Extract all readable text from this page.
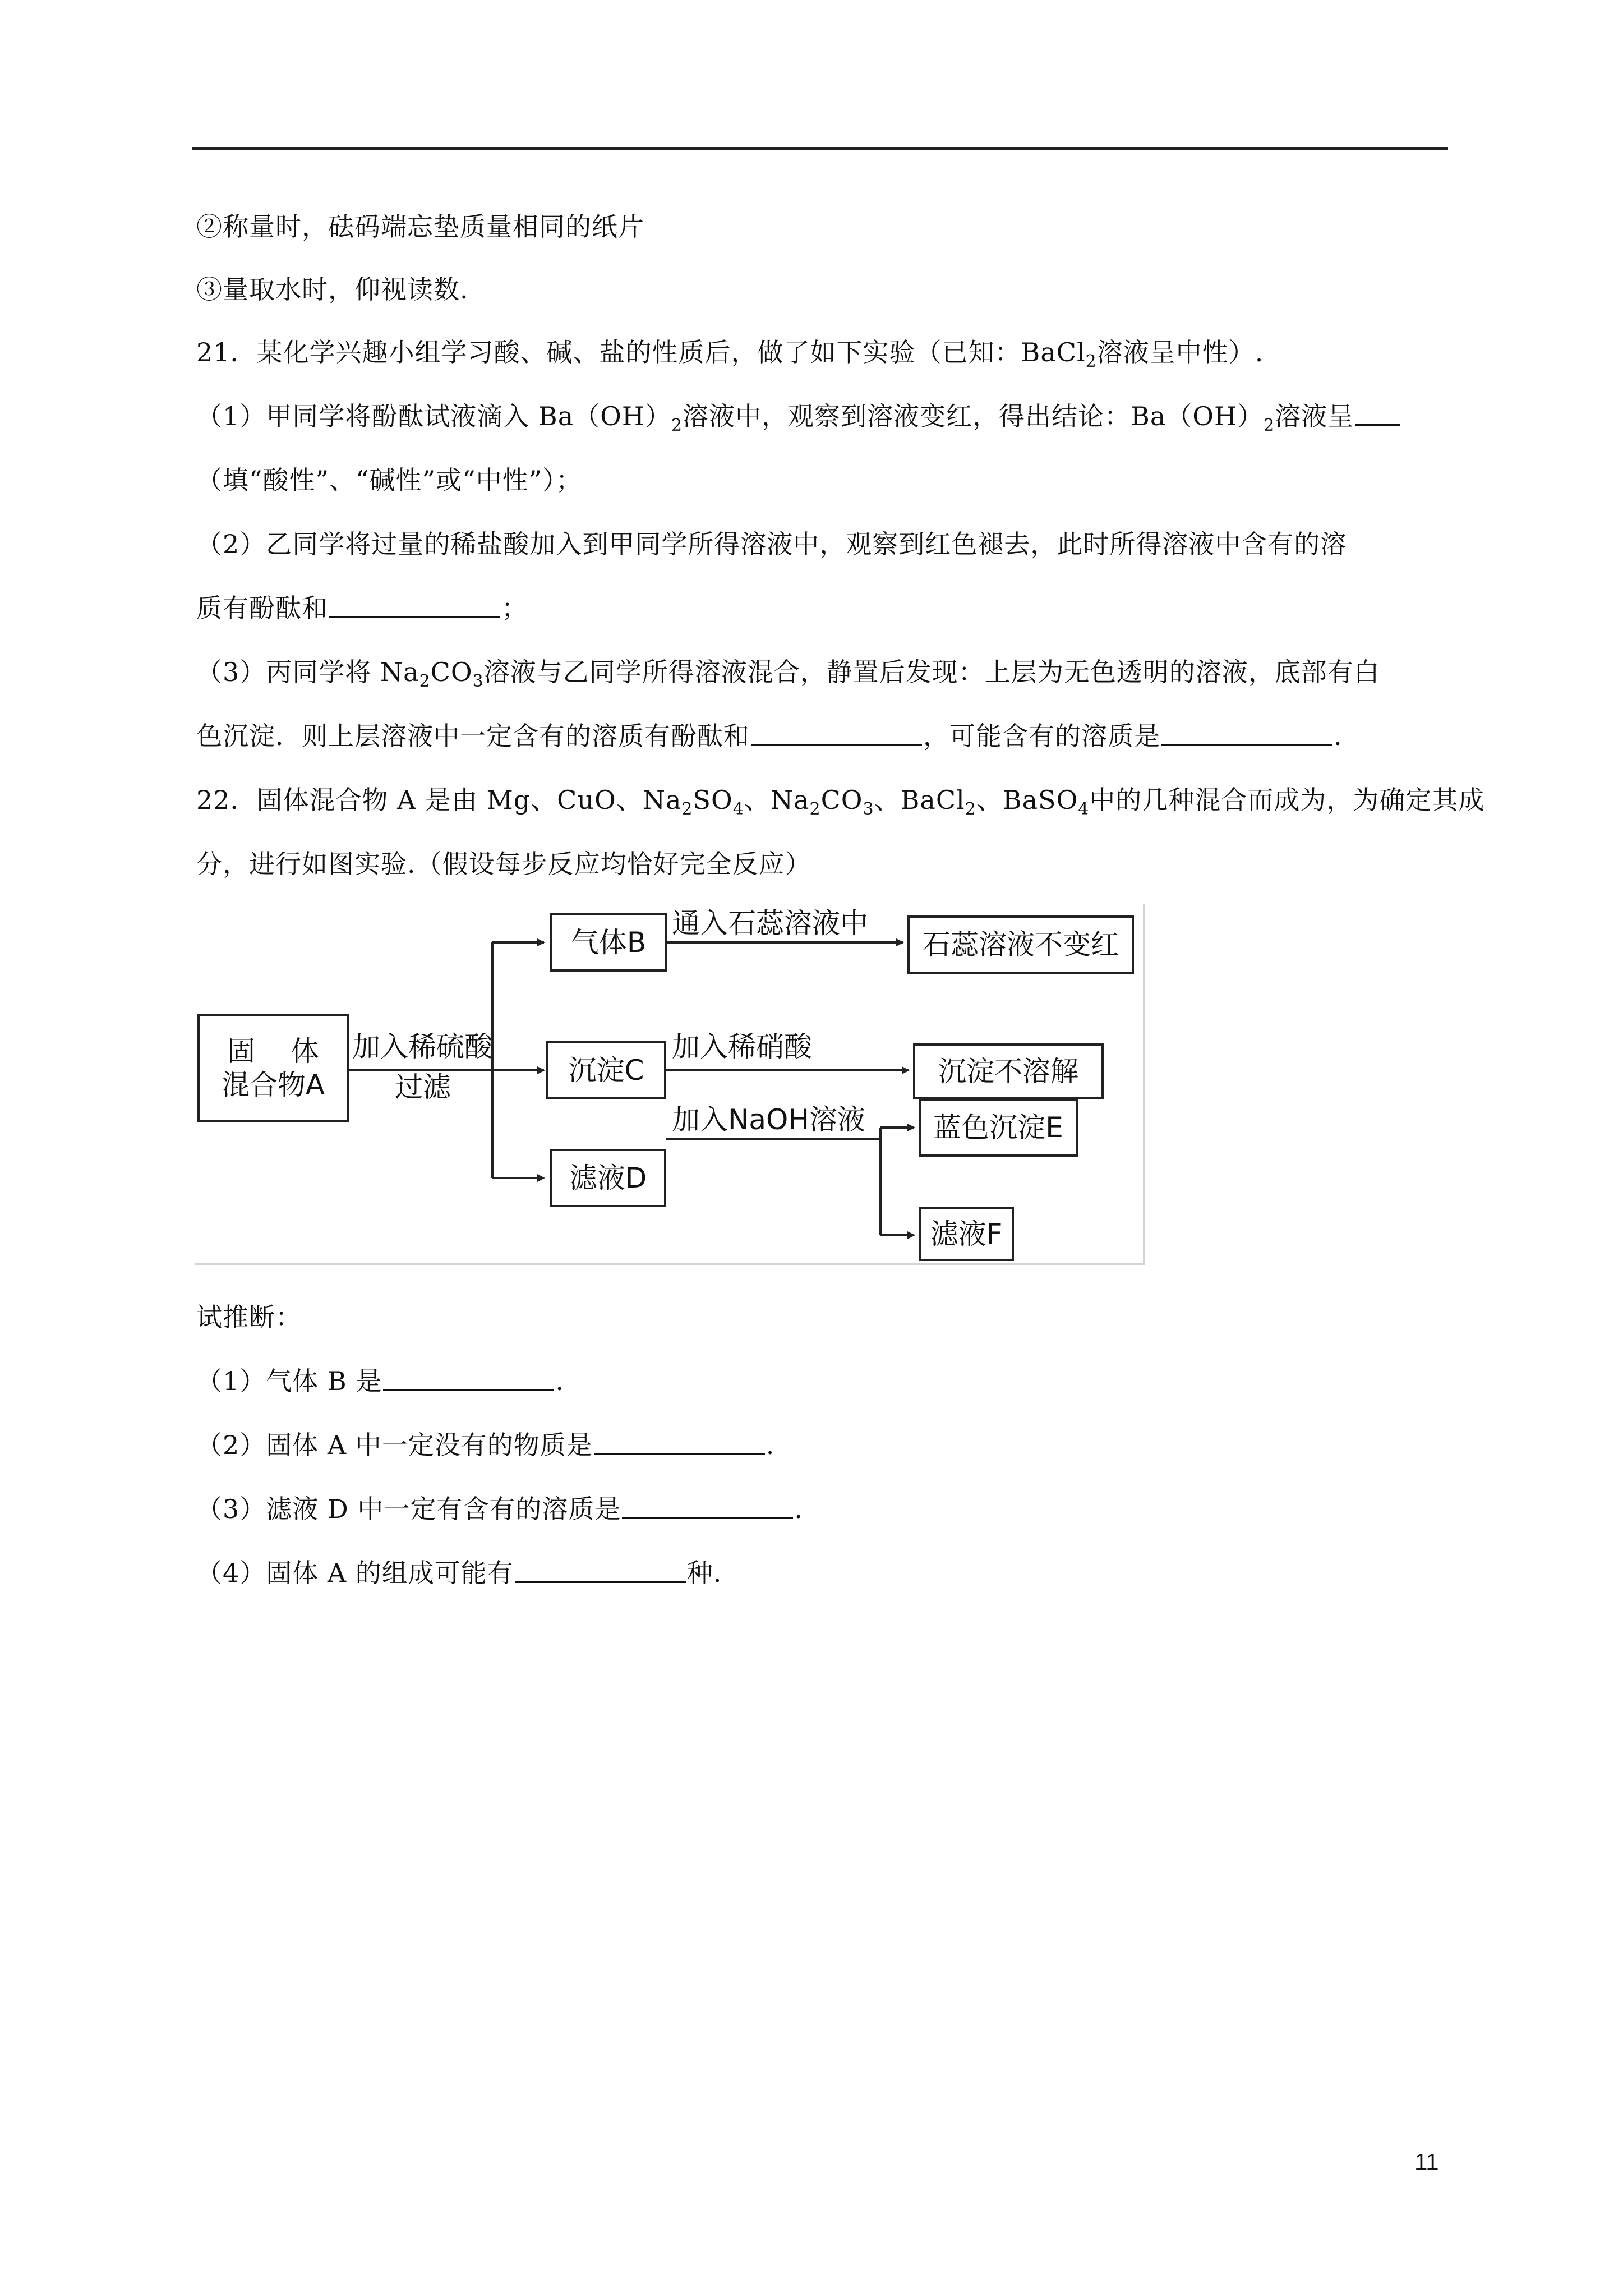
②称量时，砝码端忘垫质量相同的纸片
③量取水时，仰视读数.
21．某化学兴趣小组学习酸、碱、盐的性质后，做了如下实验（已知：BaCl$_2$溶液呈中性）.
（1）甲同学将酚酞试液滴入 $Ba(OH)_2$溶液中，观察到溶液变红，得出结论：$Ba(OH)_2$溶液呈
（填“酸性”、“碱性”或“中性”）；
（2）乙同学将过量的稀盐酸加入到甲同学所得溶液中，观察到红色褪去，此时所得溶液中含有的溶
质有酚酞和	；
（3）丙同学将 $Na_2CO_3$溶液与乙同学所得溶液混合，静置后发现：上层为无色透明的溶液，底部有白
色沉淀．则上层溶液中一定含有的溶质有酚酞和	，可能含有的溶质是	.
22．固体混合物 A 是由 Mg、CuO、$Na_2SO_4$、$Na_2CO_3$、BaCl$_2$、BaSO$_4$中的几种混合而成为，为确定其成
分，进行如图实验.（假设每步反应均恰好完全反应）
固    体
混合物A
加入稀硫酸
过滤
气体B
通入石蕊溶液中
石蕊溶液不变红
沉淀C
加入稀硝酸
沉淀不溶解
滤液D
加入NaOH溶液	蓝色沉淀E
滤液F
试推断：
（1）气体 B 是	.
（2）固体 A 中一定没有的物质是	.
（3）滤液 D 中一定有含有的溶质是	.
（4）固体 A 的组成可能有	种.
11
